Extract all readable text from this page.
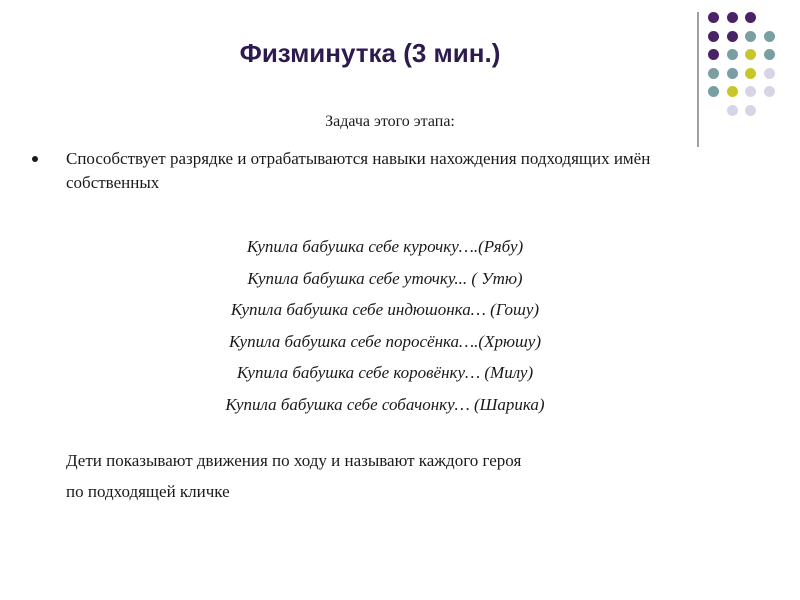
Физминутка (3 мин.)
Задача этого этапа:
Способствует разрядке и отрабатываются навыки нахождения подходящих имён собственных
Купила бабушка себе курочку….(Рябу)
Купила бабушка себе уточку... ( Утю)
Купила бабушка себе индюшонка… (Гошу)
Купила бабушка себе поросёнка….(Хрюшу)
Купила бабушка себе коровёнку… (Милу)
Купила бабушка себе собачонку… (Шарика)
Дети показывают движения по ходу и называют каждого героя
по подходящей кличке
